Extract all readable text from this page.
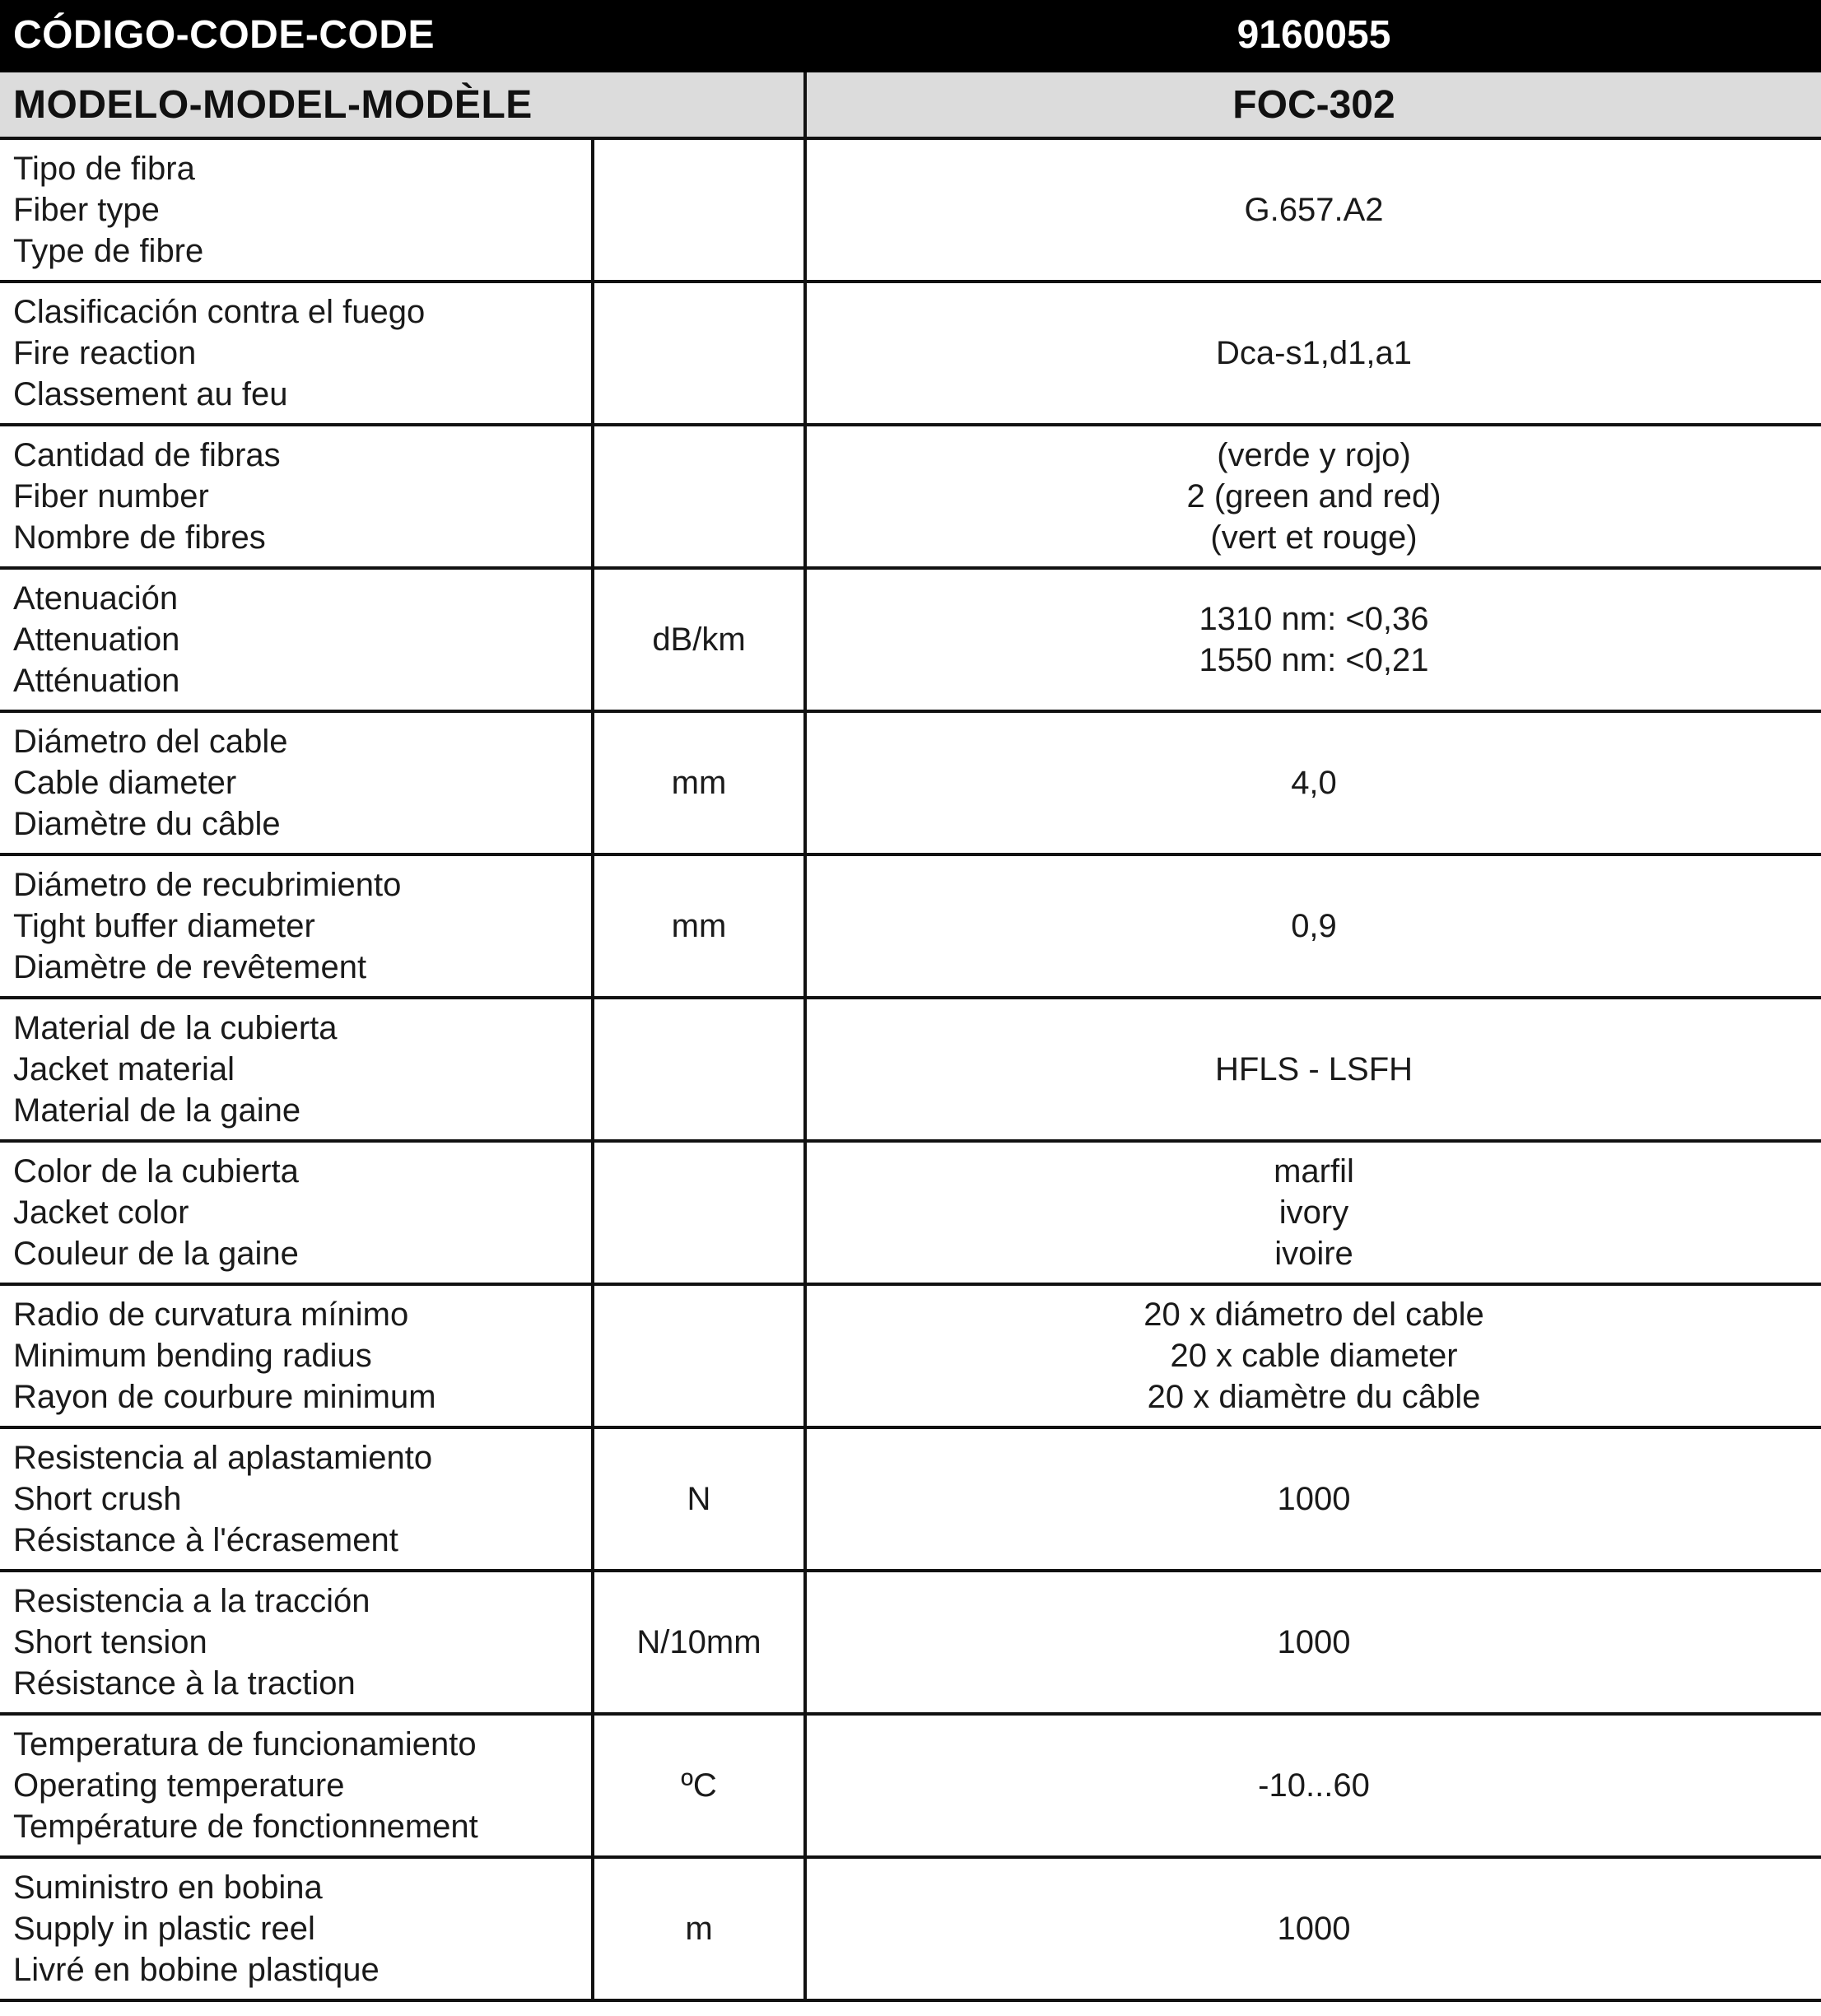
CÓDIGO-CODE-CODE		9160055
MODELO-MODEL-MODÈLE		FOC-302

Tipo de fibra
Fiber type
Type de fibre		G.657.A2

Clasificación contra el fuego
Fire reaction
Classement au feu		Dca-s1,d1,a1

Cantidad de fibras
Fiber number
Nombre de fibres		(verde y rojo)
2 (green and red)
(vert et rouge)

Atenuación
Attenuation
Atténuation	dB/km	1310 nm: <0,36
1550 nm: <0,21

Diámetro del cable
Cable diameter
Diamètre du câble	mm	4,0

Diámetro de recubrimiento
Tight buffer diameter
Diamètre de revêtement	mm	0,9

Material de la cubierta
Jacket material
Material de la gaine		HFLS - LSFH

Color de la cubierta
Jacket color
Couleur de la gaine		marfil
ivory
ivoire

Radio de curvatura mínimo
Minimum bending radius
Rayon de courbure minimum		20 x diámetro del cable
20 x cable diameter
20 x diamètre du câble

Resistencia al aplastamiento
Short crush
Résistance à l'écrasement	N	1000

Resistencia a la tracción
Short tension
Résistance à la traction	N/10mm	1000

Temperatura de funcionamiento
Operating temperature
Température de fonctionnement	ºC	-10...60

Suministro en bobina
Supply in plastic reel
Livré en bobine plastique	m	1000
